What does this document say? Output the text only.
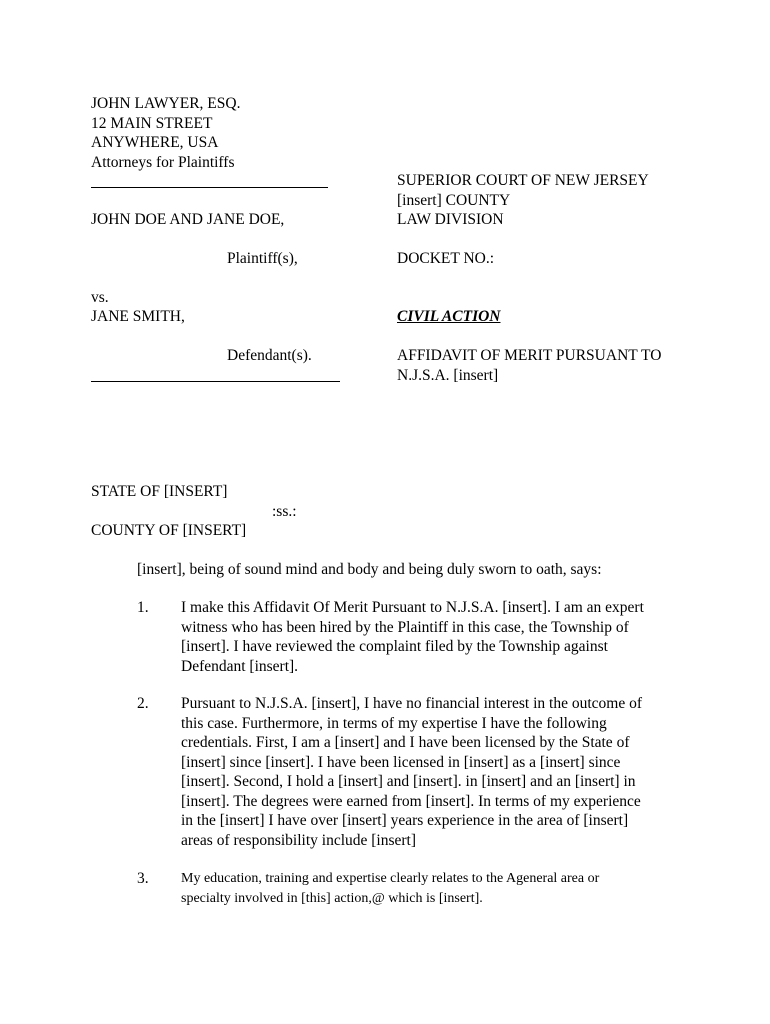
JOHN LAWYER, ESQ.
12 MAIN STREET
ANYWHERE, USA
Attorneys for Plaintiffs
JOHN DOE AND JANE DOE,
Plaintiff(s),
vs.
JANE SMITH,
Defendant(s).
SUPERIOR COURT OF NEW JERSEY
[insert] COUNTY
LAW DIVISION
DOCKET NO.:
CIVIL ACTION
AFFIDAVIT OF MERIT PURSUANT TO
N.J.S.A. [insert]
STATE OF [INSERT]
:ss.:
COUNTY OF [INSERT]
[insert], being of sound mind and body and being duly sworn to oath, says:
1. I make this Affidavit Of Merit Pursuant to N.J.S.A. [insert]. I am an expert
witness who has been hired by the Plaintiff in this case, the Township of
[insert]. I have reviewed the complaint filed by the Township against
Defendant [insert].
2. Pursuant to N.J.S.A. [insert], I have no financial interest in the outcome of
this case. Furthermore, in terms of my expertise I have the following
credentials. First, I am a [insert] and I have been licensed by the State of
[insert] since [insert]. I have been licensed in [insert] as a [insert] since
[insert]. Second, I hold a [insert] and [insert]. in [insert] and an [insert] in
[insert]. The degrees were earned from [insert]. In terms of my experience
in the [insert] I have over [insert] years experience in the area of [insert]
areas of responsibility include [insert]
3. My education, training and expertise clearly relates to the Ageneral area or
specialty involved in [this] action,@ which is [insert].
